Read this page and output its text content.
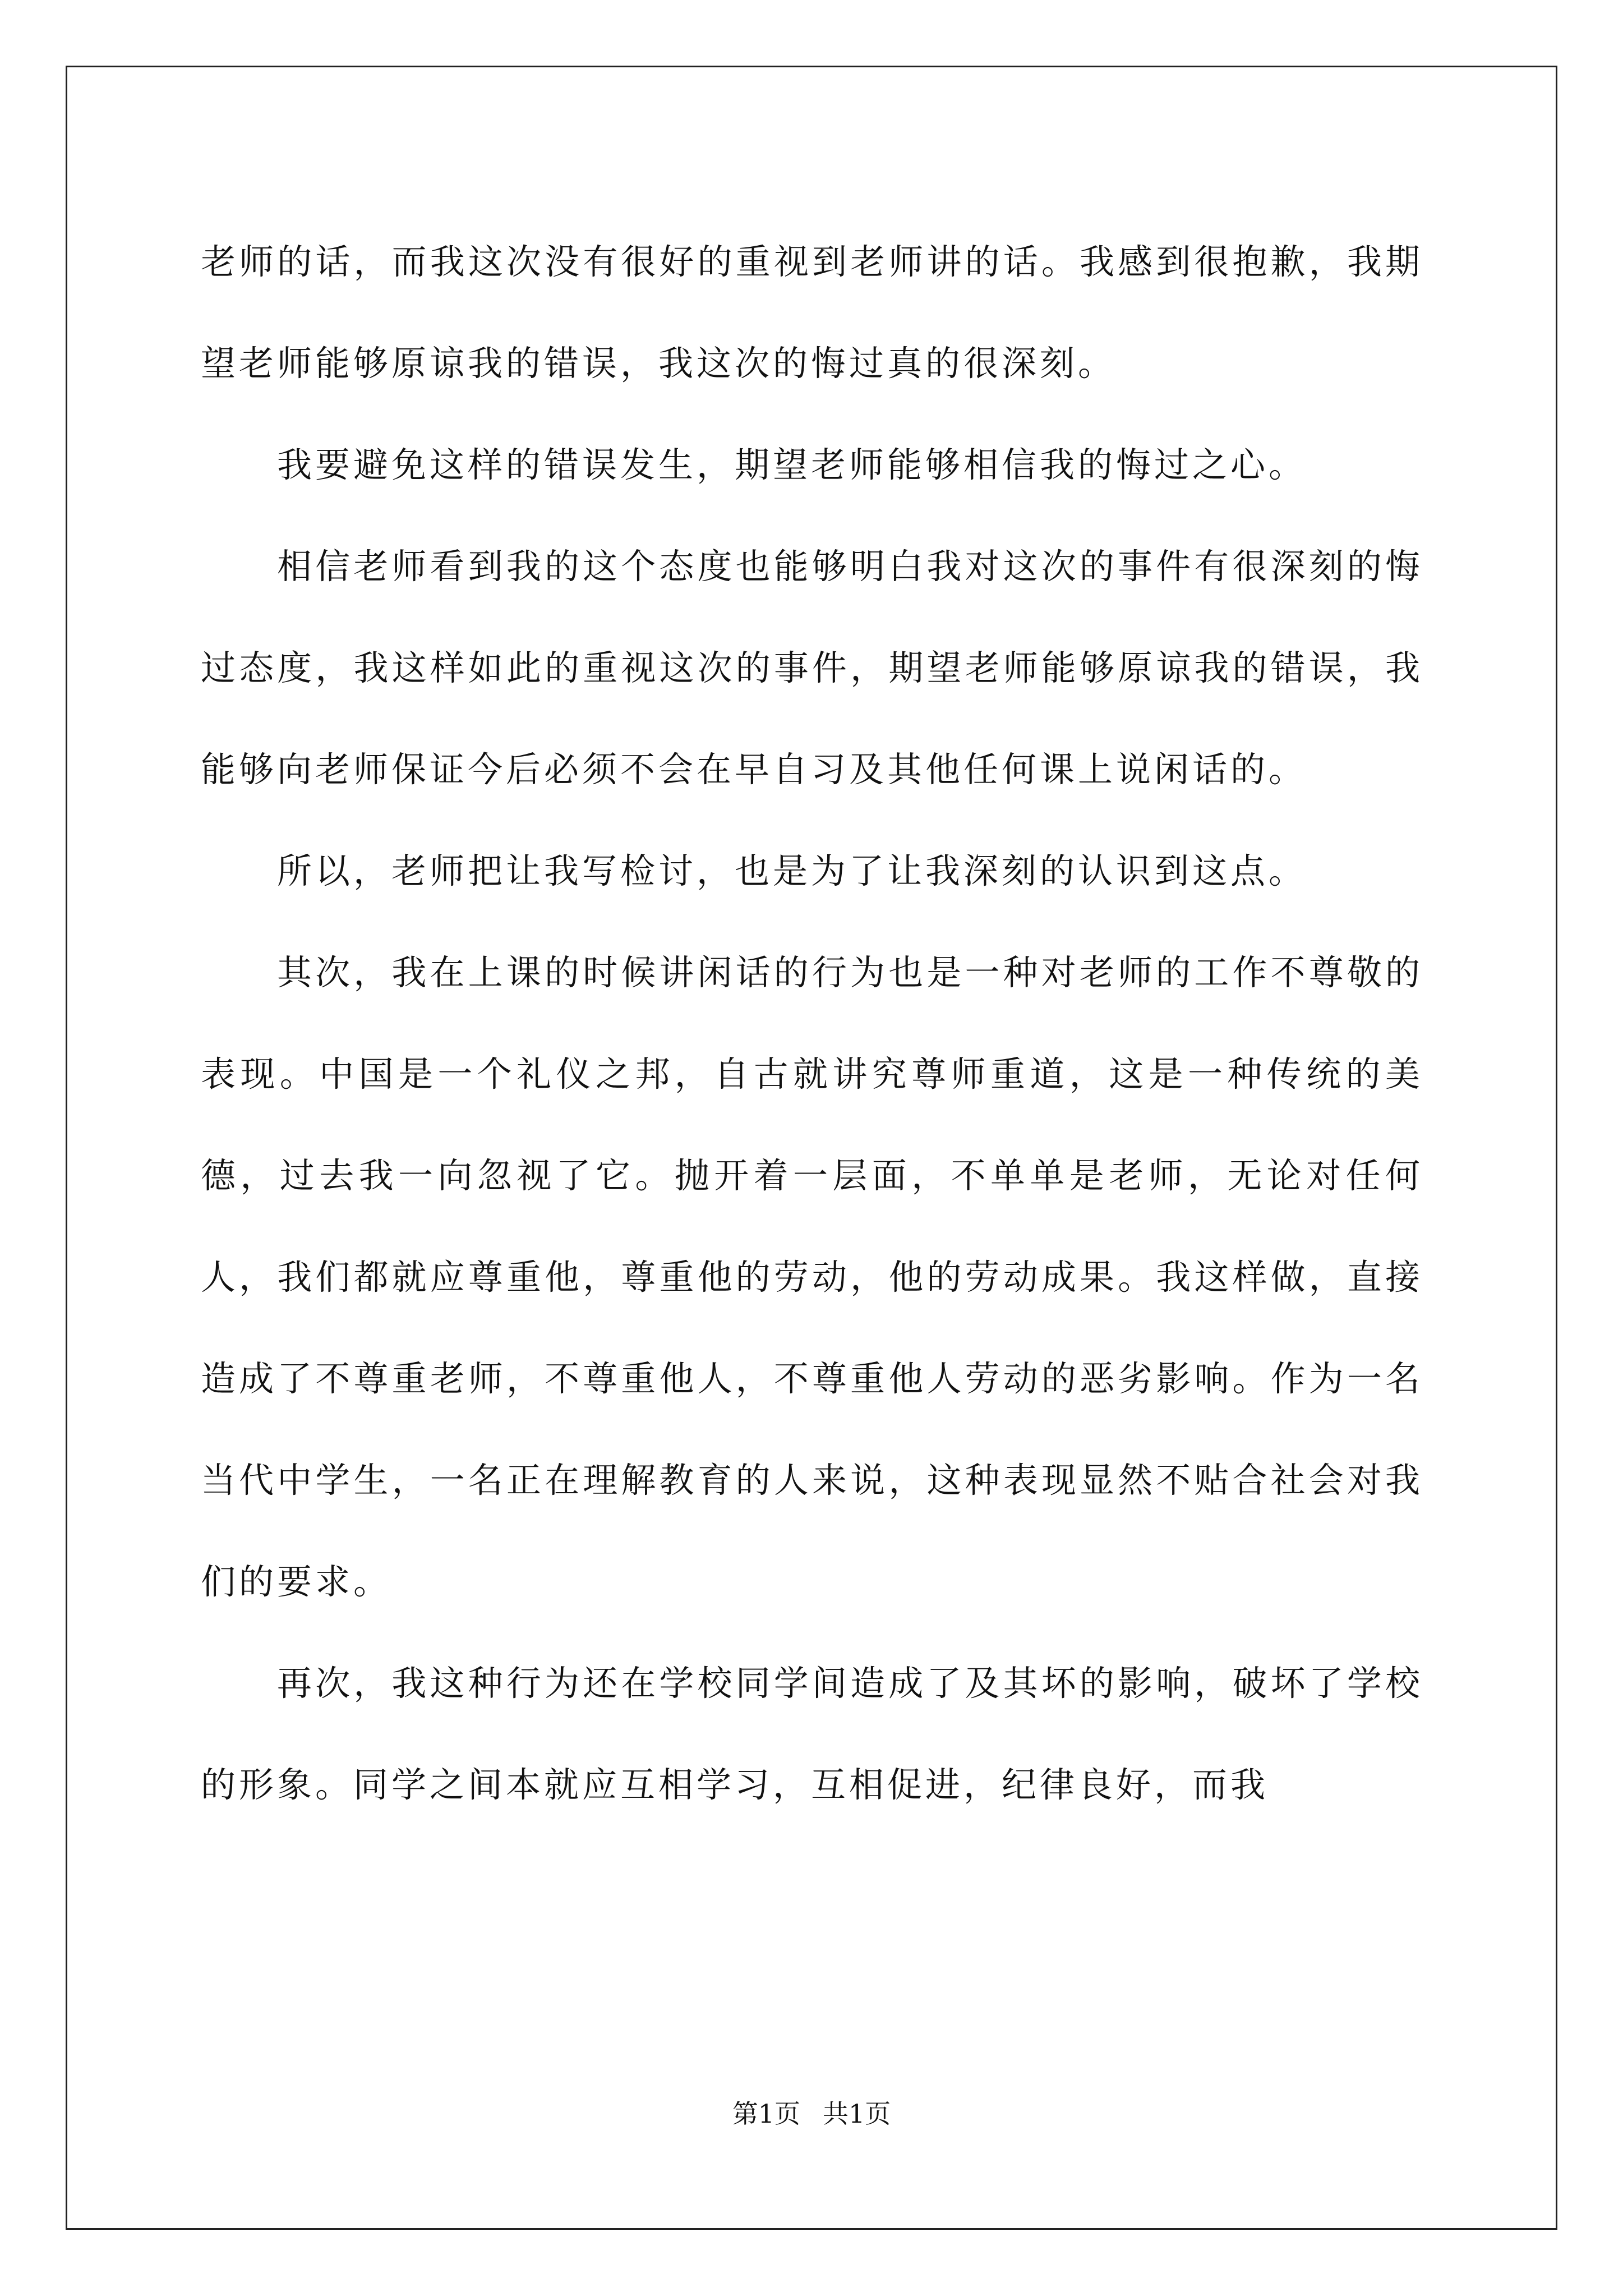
老师的话，而我这次没有很好的重视到老师讲的话。我感到很抱歉，我期望老师能够原谅我的错误，我这次的悔过真的很深刻。

我要避免这样的错误发生，期望老师能够相信我的悔过之心。

相信老师看到我的这个态度也能够明白我对这次的事件有很深刻的悔过态度，我这样如此的重视这次的事件，期望老师能够原谅我的错误，我能够向老师保证今后必须不会在早自习及其他任何课上说闲话的。

所以，老师把让我写检讨，也是为了让我深刻的认识到这点。

其次，我在上课的时候讲闲话的行为也是一种对老师的工作不尊敬的表现。中国是一个礼仪之邦，自古就讲究尊师重道，这是一种传统的美德，过去我一向忽视了它。抛开着一层面，不单单是老师，无论对任何人，我们都就应尊重他，尊重他的劳动，他的劳动成果。我这样做，直接造成了不尊重老师，不尊重他人，不尊重他人劳动的恶劣影响。作为一名当代中学生，一名正在理解教育的人来说，这种表现显然不贴合社会对我们的要求。

再次，我这种行为还在学校同学间造成了及其坏的影响，破坏了学校的形象。同学之间本就应互相学习，互相促进，纪律良好，而我

第1页 共1页
